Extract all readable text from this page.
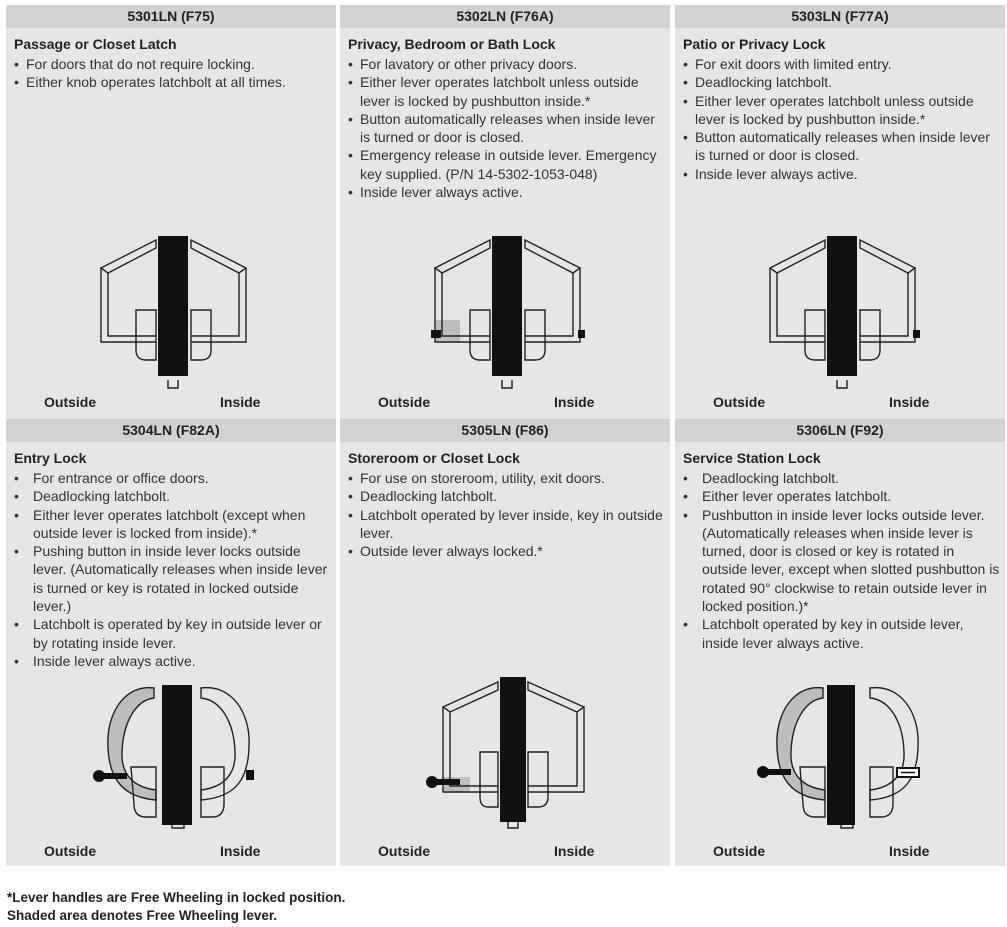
5301LN (F75)
Passage or Closet Latch
• For doors that do not require locking.
• Either knob operates latchbolt at all times.
Outside	Inside
5302LN (F76A)
Privacy, Bedroom or Bath Lock
• For lavatory or other privacy doors.
• Either lever operates latchbolt unless outside lever is locked by pushbutton inside.*
• Button automatically releases when inside lever is turned or door is closed.
• Emergency release in outside lever. Emergency key supplied. (P/N 14-5302-1053-048)
• Inside lever always active.
Outside	Inside
5303LN (F77A)
Patio or Privacy Lock
• For exit doors with limited entry.
• Deadlocking latchbolt.
• Either lever operates latchbolt unless outside lever is locked by pushbutton inside.*
• Button automatically releases when inside lever is turned or door is closed.
• Inside lever always active.
Outside	Inside
5304LN (F82A)
Entry Lock
• For entrance or office doors.
• Deadlocking latchbolt.
• Either lever operates latchbolt (except when outside lever is locked from inside).*
• Pushing button in inside lever locks outside lever. (Automatically releases when inside lever is turned or key is rotated in locked outside lever.)
• Latchbolt is operated by key in outside lever or by rotating inside lever.
• Inside lever always active.
Outside	Inside
5305LN (F86)
Storeroom or Closet Lock
• For use on storeroom, utility, exit doors.
• Deadlocking latchbolt.
• Latchbolt operated by lever inside, key in outside lever.
• Outside lever always locked.*
Outside	Inside
5306LN (F92)
Service Station Lock
• Deadlocking latchbolt.
• Either lever operates latchbolt.
• Pushbutton in inside lever locks outside lever. (Automatically releases when inside lever is turned, door is closed or key is rotated in outside lever, except when slotted pushbutton is rotated 90° clockwise to retain outside lever in locked position.)*
• Latchbolt operated by key in outside lever, inside lever always active.
Outside	Inside
*Lever handles are Free Wheeling in locked position.
Shaded area denotes Free Wheeling lever.
